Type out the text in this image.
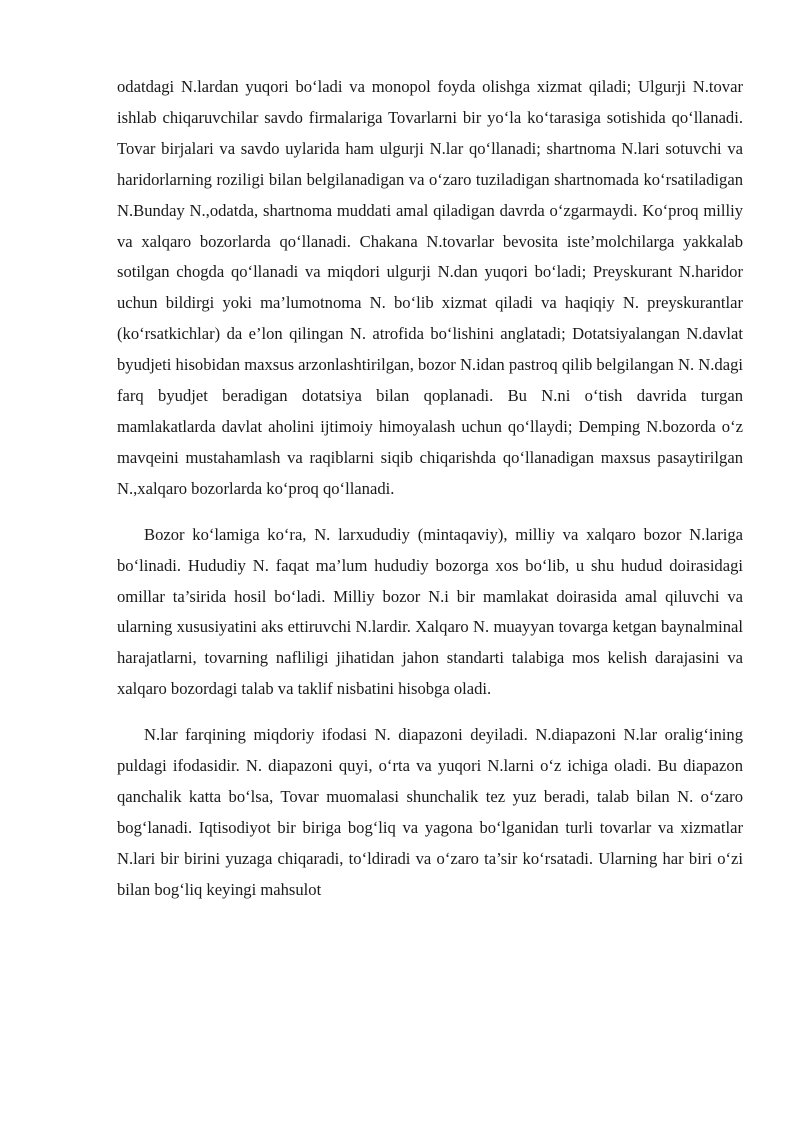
odatdagi N.lardan yuqori bo‘ladi va monopol foyda olishga xizmat qiladi; Ulgurji N.tovar ishlab chiqaruvchilar savdo firmalariga Tovarlarni bir yo‘la ko‘tarasiga sotishida qo‘llanadi. Tovar birjalari va savdo uylarida ham ulgurji N.lar qo‘llanadi; shartnoma N.lari sotuvchi va haridorlarning roziligi bilan belgilanadigan va o‘zaro tuziladigan shartnomada ko‘rsatiladigan N.Bunday N.,odatda, shartnoma muddati amal qiladigan davrda o‘zgarmaydi. Ko‘proq milliy va xalqaro bozorlarda qo‘llanadi. Chakana N.tovarlar bevosita iste’molchilarga yakkalab sotilgan chogda qo‘llanadi va miqdori ulgurji N.dan yuqori bo‘ladi; Preyskurant N.haridor uchun bildirgi yoki ma’lumotnoma N. bo‘lib xizmat qiladi va haqiqiy N. preyskurantlar (ko‘rsatkichlar) da e’lon qilingan N. atrofida bo‘lishini anglatadi; Dotatsiyalangan N.davlat byudjeti hisobidan maxsus arzonlashtirilgan, bozor N.idan pastroq qilib belgilangan N. N.dagi farq byudjet beradigan dotatsiya bilan qoplanadi. Bu N.ni o‘tish davrida turgan mamlakatlarda davlat aholini ijtimoiy himoyalash uchun qo‘llaydi; Demping N.bozorda o‘z mavqeini mustahamlash va raqiblarni siqib chiqarishda qo‘llanadigan maxsus pasaytirilgan N.,xalqaro bozorlarda ko‘proq qo‘llanadi.

Bozor ko‘lamiga ko‘ra, N. larxududiy (mintaqaviy), milliy va xalqaro bozor N.lariga bo‘linadi. Hududiy N. faqat ma’lum hududiy bozorga xos bo‘lib, u shu hudud doirasidagi omillar ta’sirida hosil bo‘ladi. Milliy bozor N.i bir mamlakat doirasida amal qiluvchi va ularning xususiyatini aks ettiruvchi N.lardir. Xalqaro N. muayyan tovarga ketgan baynalminal harajatlarni, tovarning nafliligi jihatidan jahon standarti talabiga mos kelish darajasini va xalqaro bozordagi talab va taklif nisbatini hisobga oladi.

N.lar farqining miqdoriy ifodasi N. diapazoni deyiladi. N.diapazoni N.lar oralig‘ining puldagi ifodasidir. N. diapazoni quyi, o‘rta va yuqori N.larni o‘z ichiga oladi. Bu diapazon qanchalik katta bo‘lsa, Tovar muomalasi shunchalik tez yuz beradi, talab bilan N. o‘zaro bog‘lanadi. Iqtisodiyot bir biriga bog‘liq va yagona bo‘lganidan turli tovarlar va xizmatlar N.lari bir birini yuzaga chiqaradi, to‘ldiradi va o‘zaro ta’sir ko‘rsatadi. Ularning har biri o‘zi bilan bog‘liq keyingi mahsulot
